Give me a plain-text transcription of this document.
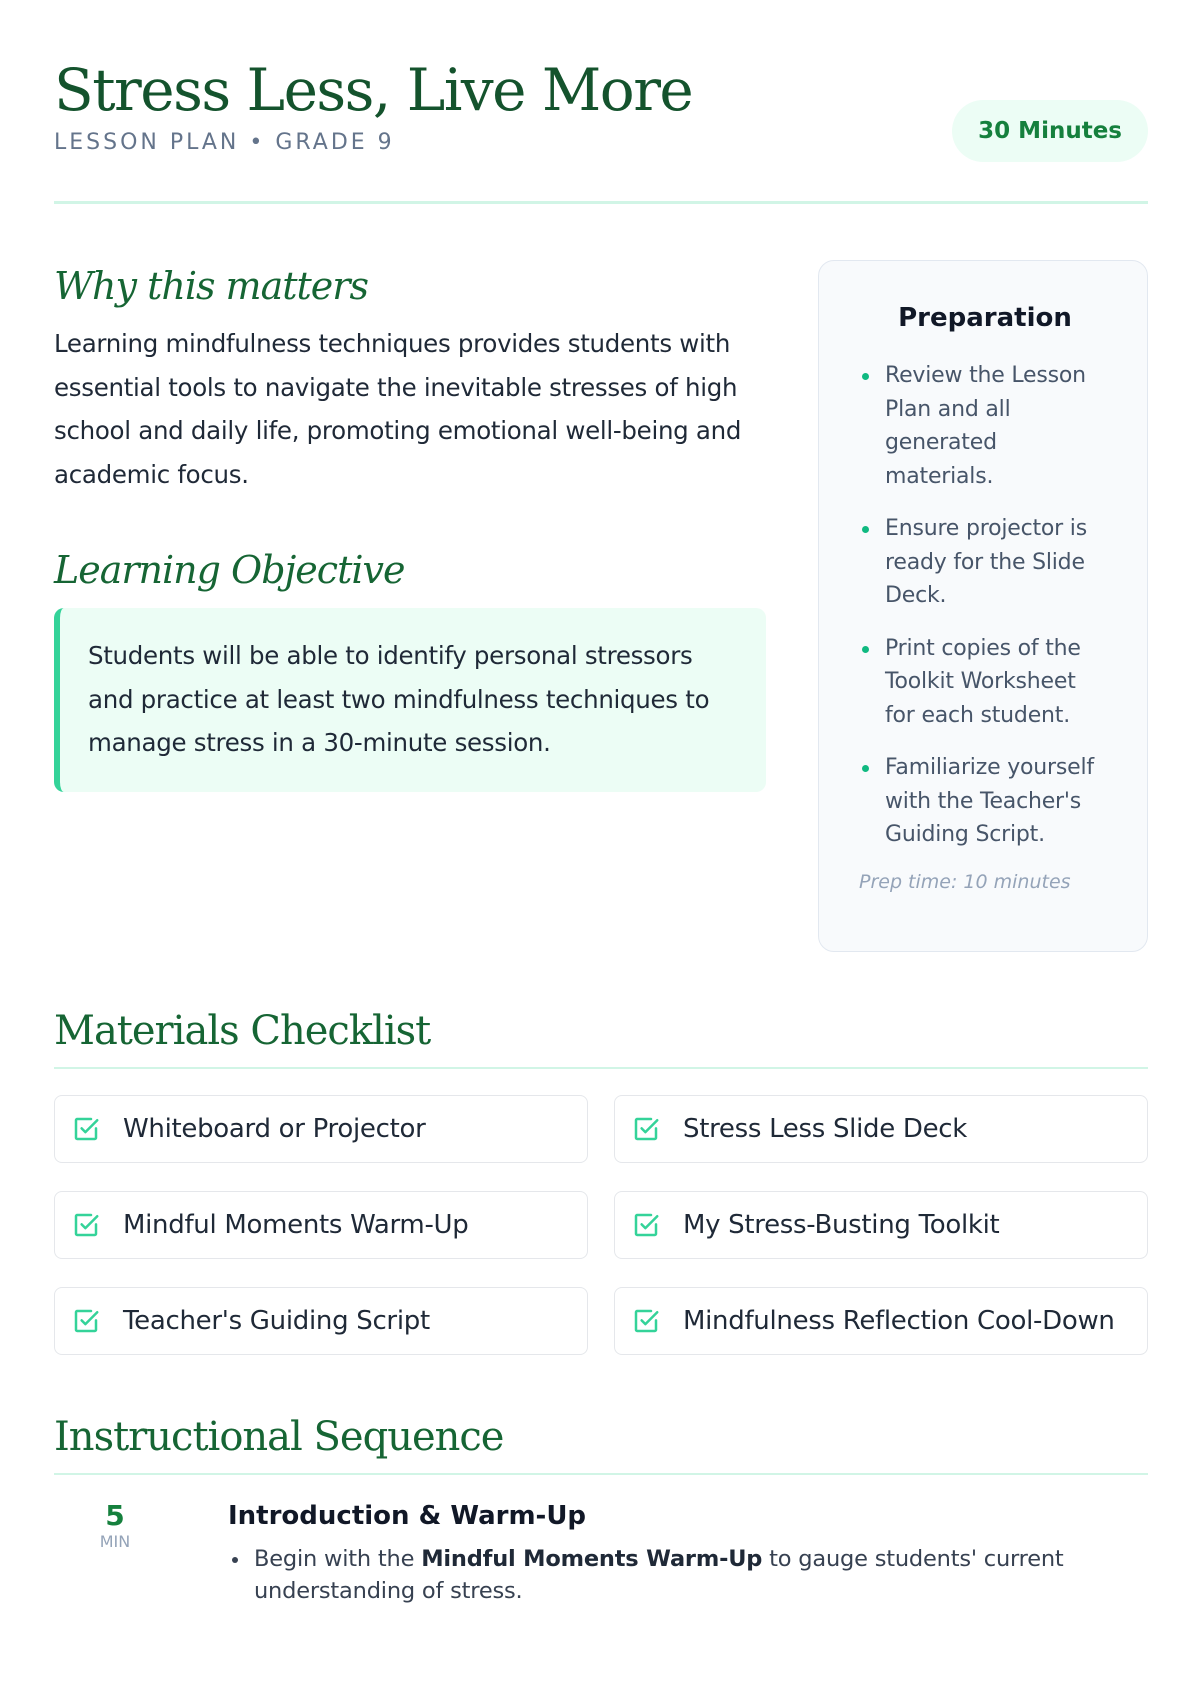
Stress Less, Live More
LESSON PLAN • GRADE 9	30 Minutes
Why this matters

Learning mindfulness techniques provides students with essential tools to navigate the inevitable stresses of high school and daily life, promoting emotional well-being and academic focus.

Learning Objective

Students will be able to identify personal stressors and practice at least two mindfulness techniques to manage stress in a 30-minute session.

Preparation
Review the Lesson Plan and all generated materials.
Ensure projector is ready for the Slide Deck.
Print copies of the Toolkit Worksheet for each student.
Familiarize yourself with the Teacher's Guiding Script.
Prep time: 10 minutes
Materials Checklist
Whiteboard or Projector	Stress Less Slide Deck
Mindful Moments Warm-Up	My Stress-Busting Toolkit
Teacher's Guiding Script	Mindfulness Reflection Cool-Down
Instructional Sequence
5
MIN
Introduction & Warm-Up
Begin with the Mindful Moments Warm-Up to gauge students' current understanding of stress.
